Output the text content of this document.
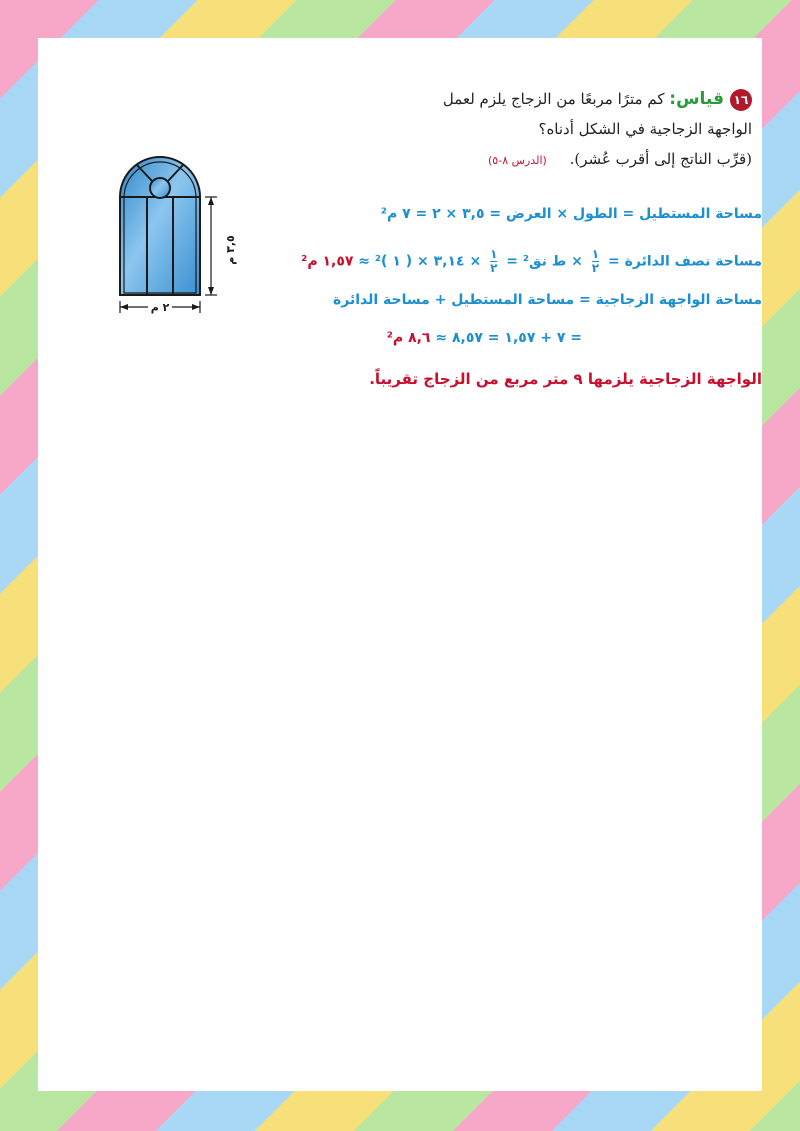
١٦قياس: كم مترًا مربعًا من الزجاج يلزم لعمل
الواجهة الزجاجية في الشكل أدناه؟
(قرِّب الناتج إلى أقرب عُشر). (الدرس ٨-٥)
٢ م
٣,٥ م
مساحة المستطيل = الطول × العرض = ٣,٥ × ٢ = ٧ م²
مساحة نصف الدائرة =
$\frac{١}{٢}$
× ط نق² =
$\frac{١}{٢}$
× ٣,١٤ × ( ١ )² ≈ ١,٥٧ م²
مساحة الواجهة الزجاجية = مساحة المستطيل + مساحة الدائرة
= ٧ + ١,٥٧ = ٨,٥٧ ≈ ٨,٦ م²
الواجهة الزجاجية يلزمها ٩ متر مربع من الزجاج تقريباً.
